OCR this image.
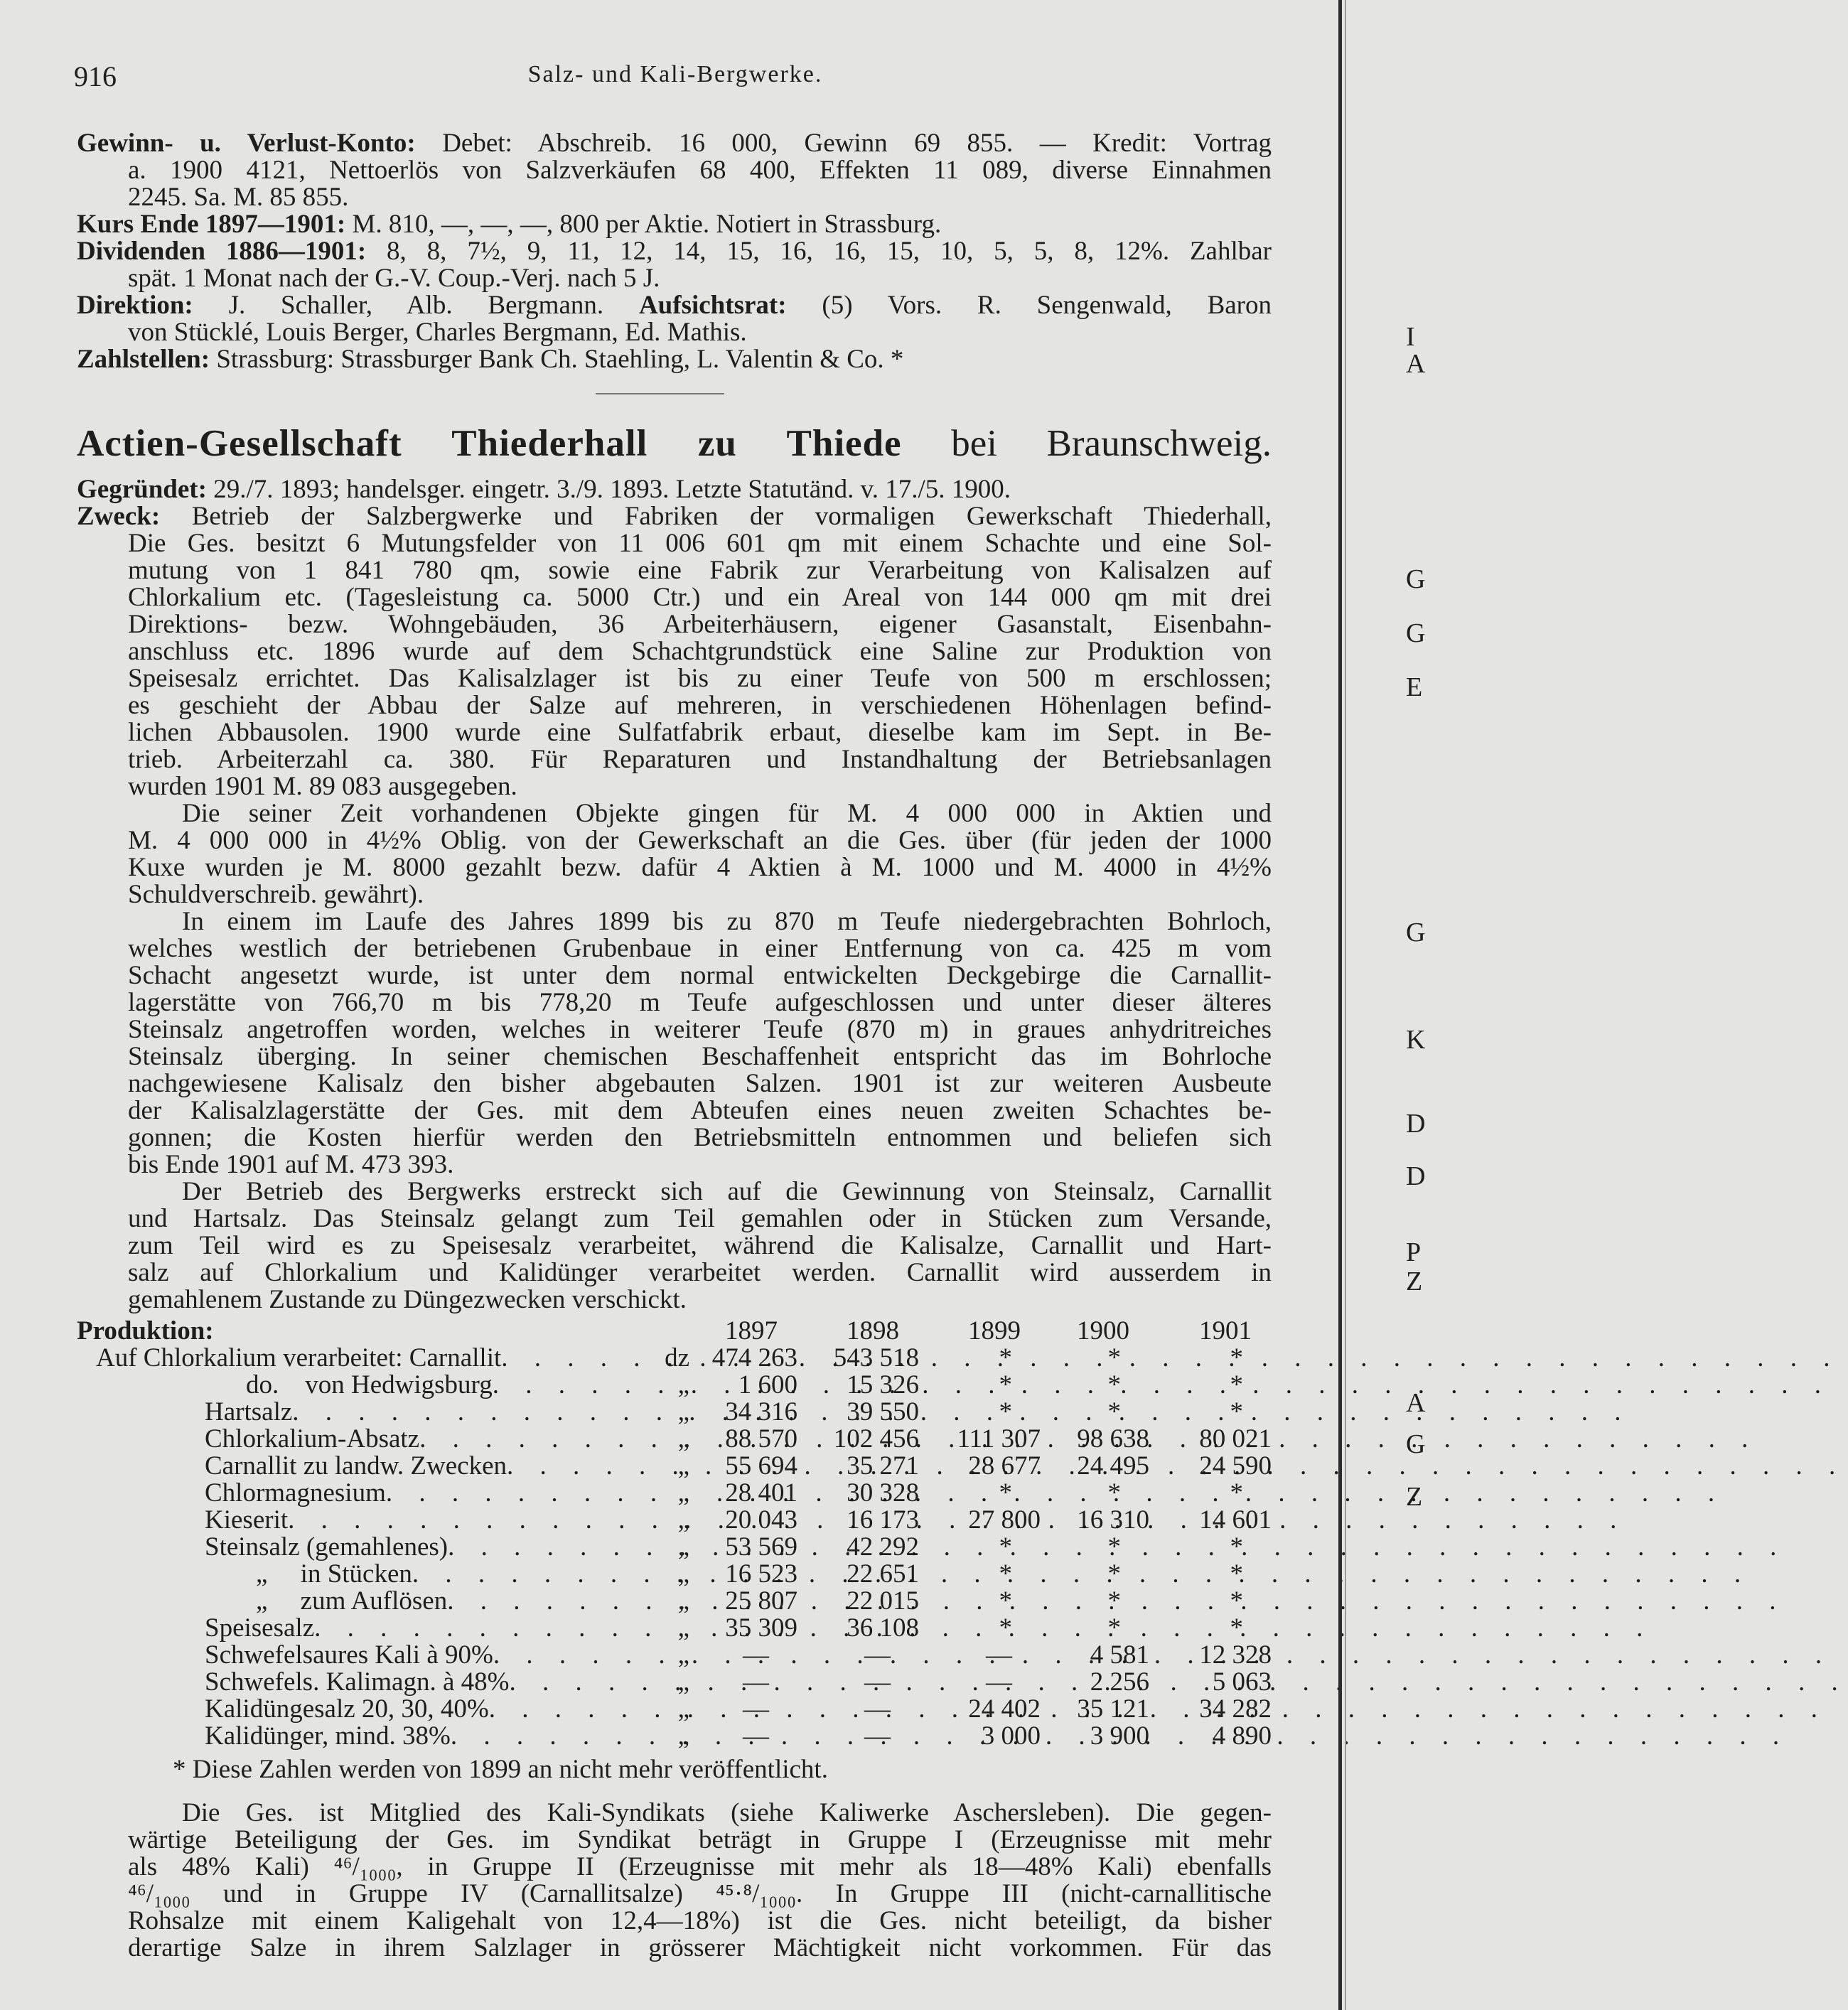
916	Salz- und Kali-Bergwerke.
Gewinn- u. Verlust-Konto: Debet: Abschreib. 16 000, Gewinn 69 855. — Kredit: Vortrag
a. 1900 4121, Nettoerlös von Salzverkäufen 68 400, Effekten 11 089, diverse Einnahmen
2245. Sa. M. 85 855.
Kurs Ende 1897—1901: M. 810, —, —, —, 800 per Aktie. Notiert in Strassburg.
Dividenden 1886—1901: 8, 8, 7½, 9, 11, 12, 14, 15, 16, 16, 15, 10, 5, 5, 8, 12%. Zahlbar
spät. 1 Monat nach der G.-V. Coup.-Verj. nach 5 J.
Direktion: J. Schaller, Alb. Bergmann. Aufsichtsrat: (5) Vors. R. Sengenwald, Baron
von Stücklé, Louis Berger, Charles Bergmann, Ed. Mathis.
Zahlstellen: Strassburg: Strassburger Bank Ch. Staehling, L. Valentin & Co. *
Actien-Gesellschaft Thiederhall zu Thiede bei Braunschweig.
Gegründet: 29./7. 1893; handelsger. eingetr. 3./9. 1893. Letzte Statutänd. v. 17./5. 1900.
Zweck: Betrieb der Salzbergwerke und Fabriken der vormaligen Gewerkschaft Thiederhall,
Die Ges. besitzt 6 Mutungsfelder von 11 006 601 qm mit einem Schachte und eine Sol-
mutung von 1 841 780 qm, sowie eine Fabrik zur Verarbeitung von Kalisalzen auf
Chlorkalium etc. (Tagesleistung ca. 5000 Ctr.) und ein Areal von 144 000 qm mit drei
Direktions- bezw. Wohngebäuden, 36 Arbeiterhäusern, eigener Gasanstalt, Eisenbahn-
anschluss etc. 1896 wurde auf dem Schachtgrundstück eine Saline zur Produktion von
Speisesalz errichtet. Das Kalisalzlager ist bis zu einer Teufe von 500 m erschlossen;
es geschieht der Abbau der Salze auf mehreren, in verschiedenen Höhenlagen befind-
lichen Abbausolen. 1900 wurde eine Sulfatfabrik erbaut, dieselbe kam im Sept. in Be-
trieb. Arbeiterzahl ca. 380. Für Reparaturen und Instandhaltung der Betriebsanlagen
wurden 1901 M. 89 083 ausgegeben.
Die seiner Zeit vorhandenen Objekte gingen für M. 4 000 000 in Aktien und
M. 4 000 000 in 4½% Oblig. von der Gewerkschaft an die Ges. über (für jeden der 1000
Kuxe wurden je M. 8000 gezahlt bezw. dafür 4 Aktien à M. 1000 und M. 4000 in 4½%
Schuldverschreib. gewährt).
In einem im Laufe des Jahres 1899 bis zu 870 m Teufe niedergebrachten Bohrloch,
welches westlich der betriebenen Grubenbaue in einer Entfernung von ca. 425 m vom
Schacht angesetzt wurde, ist unter dem normal entwickelten Deckgebirge die Carnallit-
lagerstätte von 766,70 m bis 778,20 m Teufe aufgeschlossen und unter dieser älteres
Steinsalz angetroffen worden, welches in weiterer Teufe (870 m) in graues anhydritreiches
Steinsalz überging. In seiner chemischen Beschaffenheit entspricht das im Bohrloche
nachgewiesene Kalisalz den bisher abgebauten Salzen. 1901 ist zur weiteren Ausbeute
der Kalisalzlagerstätte der Ges. mit dem Abteufen eines neuen zweiten Schachtes be-
gonnen; die Kosten hierfür werden den Betriebsmitteln entnommen und beliefen sich
bis Ende 1901 auf M. 473 393.
Der Betrieb des Bergwerks erstreckt sich auf die Gewinnung von Steinsalz, Carnallit
und Hartsalz. Das Steinsalz gelangt zum Teil gemahlen oder in Stücken zum Versande,
zum Teil wird es zu Speisesalz verarbeitet, während die Kalisalze, Carnallit und Hart-
salz auf Chlorkalium und Kalidünger verarbeitet werden. Carnallit wird ausserdem in
gemahlenem Zustande zu Düngezwecken verschickt.
Produktion:	1897	1898	1899	1900	1901
Auf Chlorkalium verarbeitet: Carnallit . . .	dz 474 263	543 518	*	*	*
do.    von Hedwigsburg . . .	„	1 600	15 326	*	*	*
Hartsalz . . .	„	34 316	39 550	*	*	*
Chlorkalium-Absatz . . .	„	88 570	102 456	111 307	98 638	80 021
Carnallit zu landw. Zwecken . . .	„	55 694	35 271	28 677	24 495	24 590
Chlormagnesium . . .	„	28 401	30 328	*	*	*
Kieserit . . .	„	20 043	16 173	27 800	16 310	14 601
Steinsalz (gemahlenes) . . .	„	53 569	42 292	*	*	*
„     in Stücken . . .	„	16 523	22 651	*	*	*
„     zum Auflösen . . .	„	25 807	22 015	*	*	*
Speisesalz . . .	„	35 309	36 108	*	*	*
Schwefelsaures Kali à 90% . . .	„	—	—	—	4 581	12 328
Schwefels. Kalimagn. à 48% . . .	„	—	—	—	2 256	5 063
Kalidüngesalz 20, 30, 40% . . .	„	—	—	24 402	35 121	34 282
Kalidünger, mind. 38% . . .	„	—	—	3 000	3 900	4 890
* Diese Zahlen werden von 1899 an nicht mehr veröffentlicht.
Die Ges. ist Mitglied des Kali-Syndikats (siehe Kaliwerke Aschersleben). Die gegen-
wärtige Beteiligung der Ges. im Syndikat beträgt in Gruppe I (Erzeugnisse mit mehr
als 48% Kali) ⁴⁶/₁₀₀₀, in Gruppe II (Erzeugnisse mit mehr als 18—48% Kali) ebenfalls
⁴⁶/₁₀₀₀ und in Gruppe IV (Carnallitsalze) ⁴⁵·⁸/₁₀₀₀. In Gruppe III (nicht-carnallitische
Rohsalze mit einem Kaligehalt von 12,4—18%) ist die Ges. nicht beteiligt, da bisher
derartige Salze in ihrem Salzlager in grösserer Mächtigkeit nicht vorkommen. Für das
I
A
G
G
E
G
K
D
D
P
Z
A
G
Z
